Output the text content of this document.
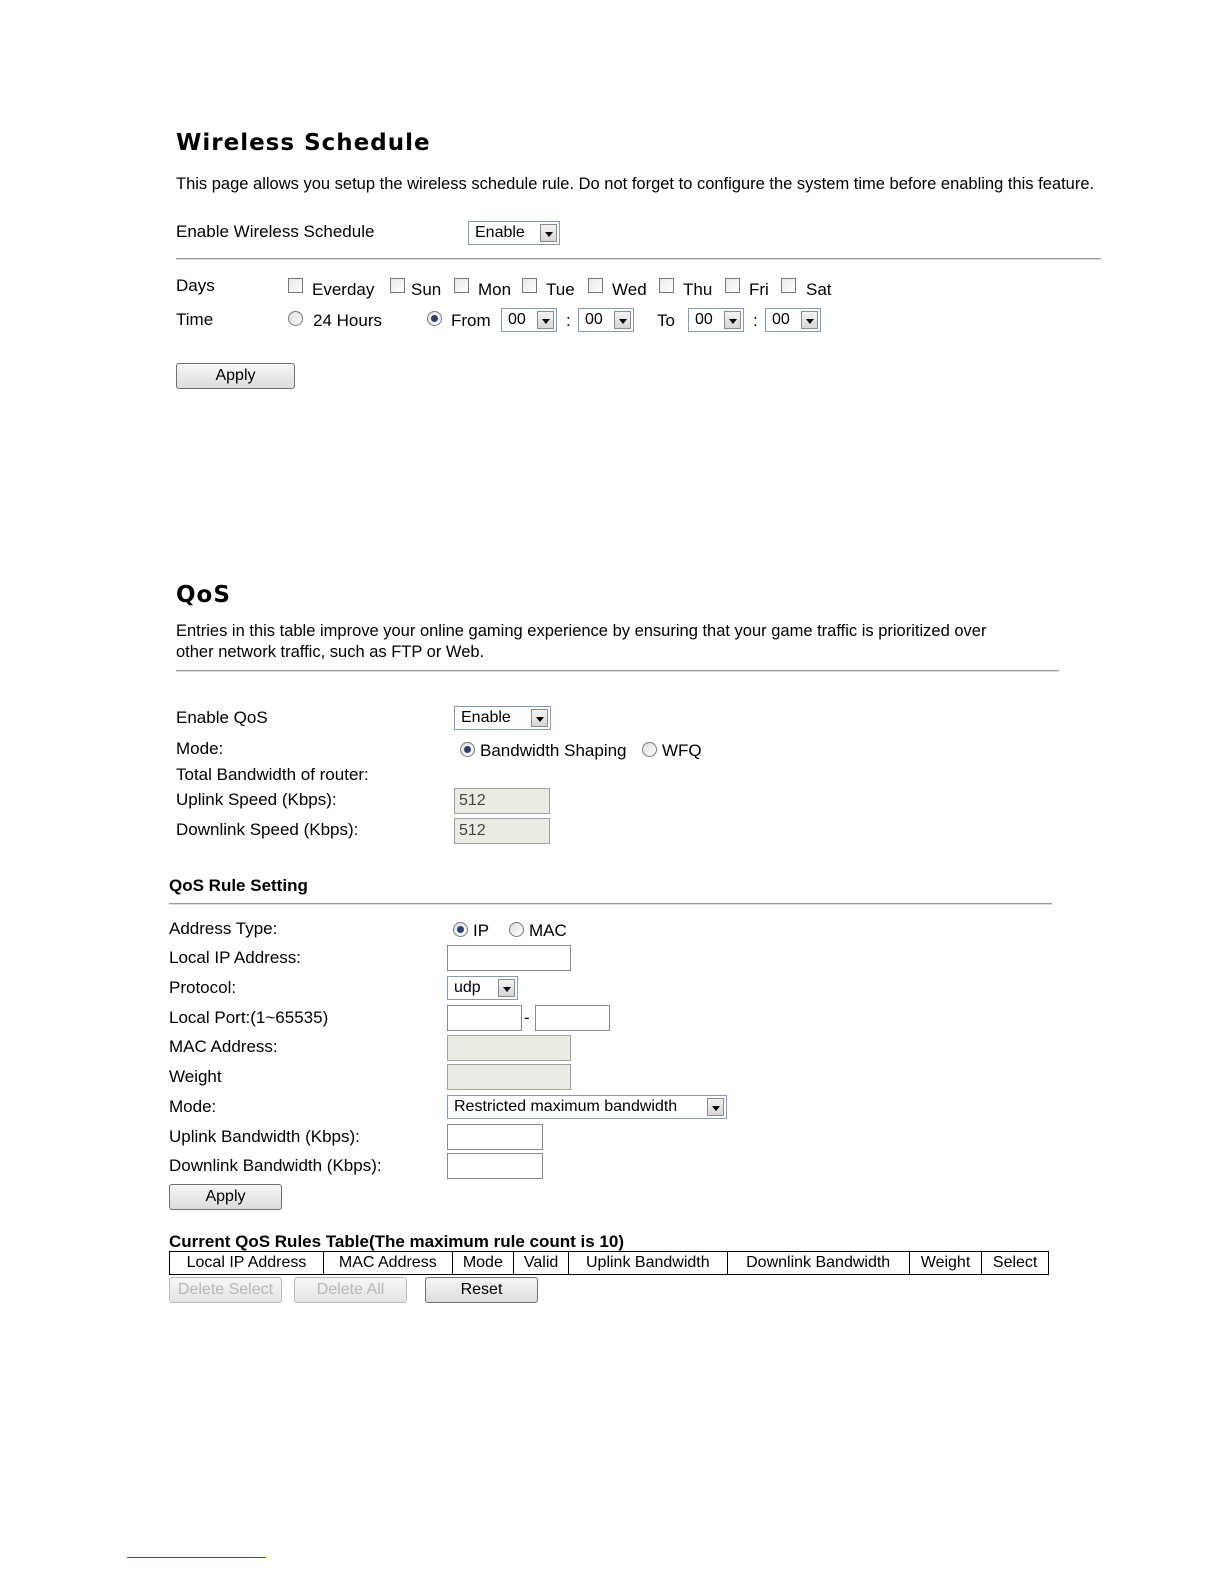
Wireless Schedule
This page allows you setup the wireless schedule rule. Do not forget to configure the system time before enabling this feature.
Enable Wireless Schedule	Enable
Days	Everday Sun Mon Tue Wed Thu Fri Sat
Time	24 Hours	From	00	: 00	To	00	: 00
Apply
QoS
Entries in this table improve your online gaming experience by ensuring that your game traffic is prioritized over
other network traffic, such as FTP or Web.
Enable QoS	Enable
Mode:	Bandwidth Shaping WFQ
Total Bandwidth of router:
Uplink Speed (Kbps):	512
Downlink Speed (Kbps):	512
QoS Rule Setting
Address Type:	IP MAC
Local IP Address:
Protocol:	udp
Local Port:(1~65535)	-
MAC Address:
Weight
Mode:	Restricted maximum bandwidth
Uplink Bandwidth (Kbps):
Downlink Bandwidth (Kbps):
Apply
Current QoS Rules Table(The maximum rule count is 10)
Local IP Address	MAC Address	Mode	Valid	Uplink Bandwidth	Downlink Bandwidth	Weight	Select
Delete Select	Delete All	Reset
